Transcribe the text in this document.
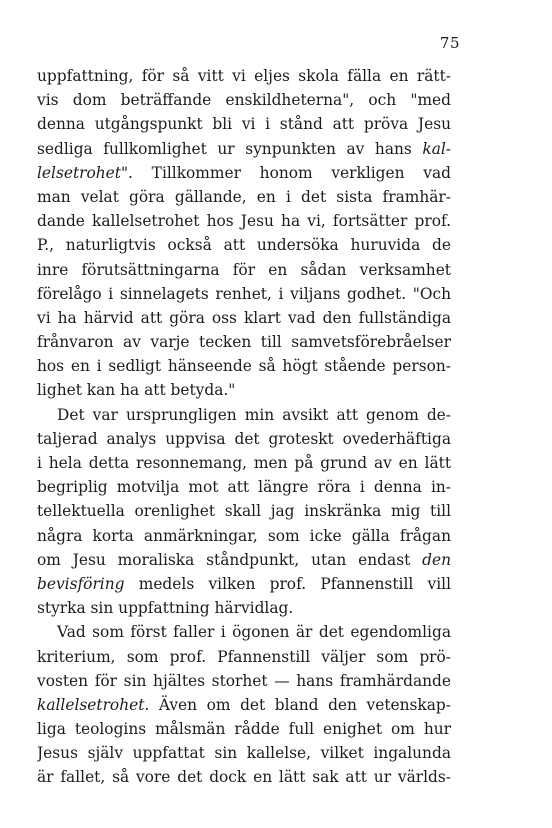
75
uppfattning, för så vitt vi eljes skola fälla en rätt-
vis dom beträffande enskildheterna", och "med
denna utgångspunkt bli vi i stånd att pröva Jesu
sedliga fullkomlighet ur synpunkten av hans kal-
lelsetrohet". Tillkommer honom verkligen vad
man velat göra gällande, en i det sista framhär-
dande kallelsetrohet hos Jesu ha vi, fortsätter prof.
P., naturligtvis också att undersöka huruvida de
inre förutsättningarna för en sådan verksamhet
förelågo i sinnelagets renhet, i viljans godhet. "Och
vi ha härvid att göra oss klart vad den fullständiga
frånvaron av varje tecken till samvetsförebråelser
hos en i sedligt hänseende så högt stående person-
lighet kan ha att betyda."
Det var ursprungligen min avsikt att genom de-
taljerad analys uppvisa det groteskt ovederhäftiga
i hela detta resonnemang, men på grund av en lätt
begriplig motvilja mot att längre röra i denna in-
tellektuella orenlighet skall jag inskränka mig till
några korta anmärkningar, som icke gälla frågan
om Jesu moraliska ståndpunkt, utan endast den
bevisföring medels vilken prof. Pfannenstill vill
styrka sin uppfattning härvidlag.
Vad som först faller i ögonen är det egendomliga
kriterium, som prof. Pfannenstill väljer som prö-
vosten för sin hjältes storhet — hans framhärdande
kallelsetrohet. Även om det bland den vetenskap-
liga teologins målsmän rådde full enighet om hur
Jesus själv uppfattat sin kallelse, vilket ingalunda
är fallet, så vore det dock en lätt sak att ur världs-
